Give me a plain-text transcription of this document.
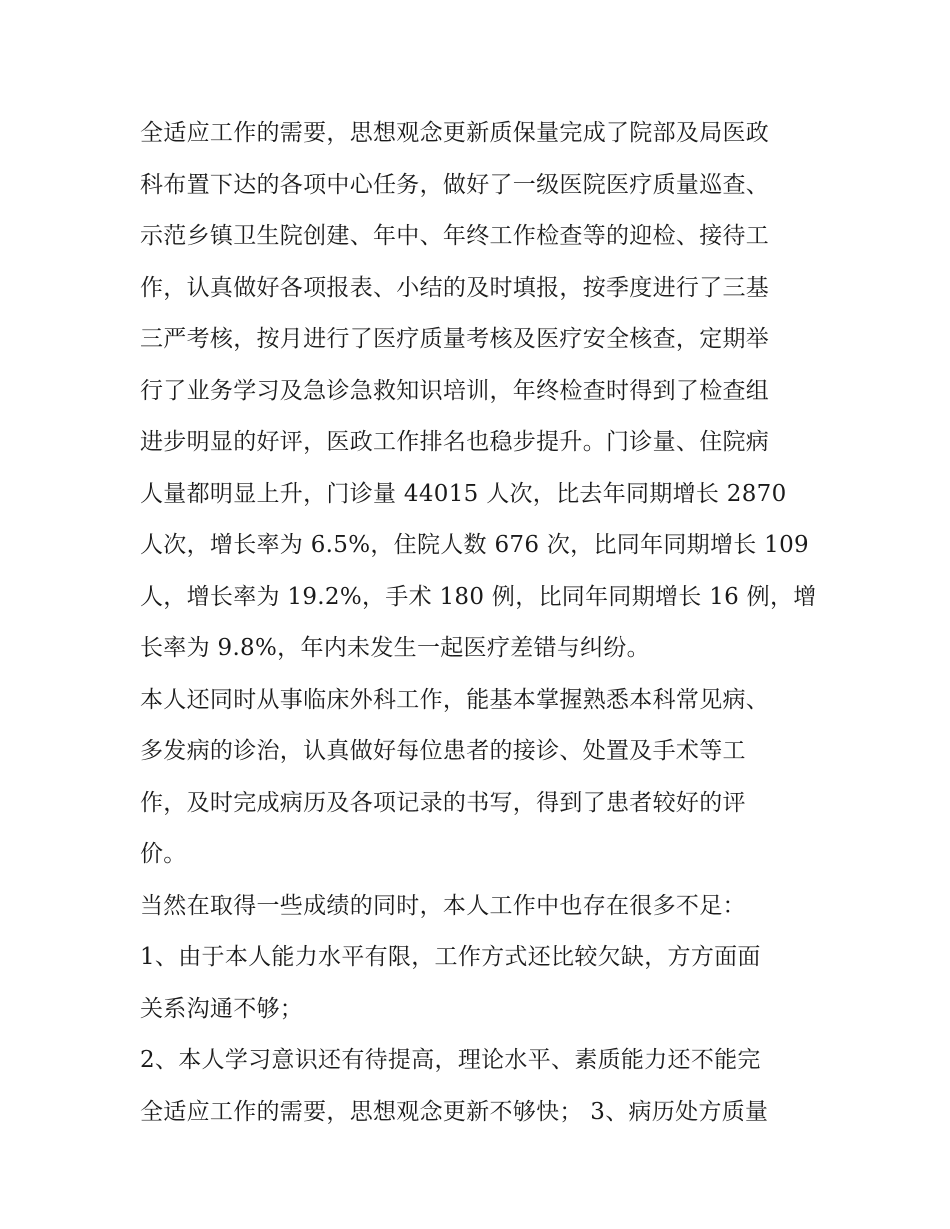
全适应工作的需要，思想观念更新质保量完成了院部及局医政
科布置下达的各项中心任务，做好了一级医院医疗质量巡查、
示范乡镇卫生院创建、年中、年终工作检查等的迎检、接待工
作，认真做好各项报表、小结的及时填报，按季度进行了三基
三严考核，按月进行了医疗质量考核及医疗安全核查，定期举
行了业务学习及急诊急救知识培训，年终检查时得到了检查组
进步明显的好评，医政工作排名也稳步提升。门诊量、住院病
人量都明显上升，门诊量 44015 人次，比去年同期增长 2870
人次，增长率为 6.5%，住院人数 676 次，比同年同期增长 109
人，增长率为 19.2%，手术 180 例，比同年同期增长 16 例，增
长率为 9.8%，年内未发生一起医疗差错与纠纷。
本人还同时从事临床外科工作，能基本掌握熟悉本科常见病、
多发病的诊治，认真做好每位患者的接诊、处置及手术等工
作，及时完成病历及各项记录的书写，得到了患者较好的评
价。
当然在取得一些成绩的同时，本人工作中也存在很多不足：
1、由于本人能力水平有限，工作方式还比较欠缺，方方面面
关系沟通不够；
2、本人学习意识还有待提高，理论水平、素质能力还不能完
全适应工作的需要，思想观念更新不够快； 3、病历处方质量
